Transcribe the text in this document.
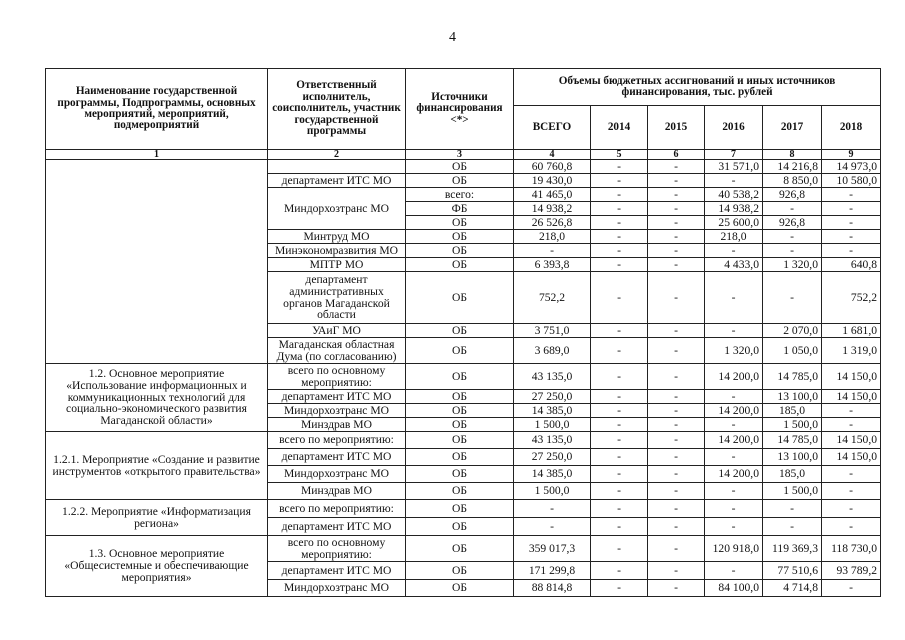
4
Наименование государственной программы, Подпрограммы, основных мероприятий, мероприятий, подмероприятий	Ответственный исполнитель, соисполнитель, участник государственной программы	Источники финансирования <*>	Объемы бюджетных ассигнований и иных источников финансирования, тыс. рублей					
			ВСЕГО	2014	2015	2016	2017	2018
1	2	3	4	5	6	7	8	9
		ОБ	60 760,8	-	-	31 571,0	14 216,8	14 973,0
	департамент ИТС МО	ОБ	19 430,0	-	-	-	8 850,0	10 580,0
	Миндорхозтранс МО	всего:	41 465,0	-	-	40 538,2	926,8	-
		ФБ	14 938,2	-	-	14 938,2	-	-
		ОБ	26 526,8	-	-	25 600,0	926,8	-
	Минтруд МО	ОБ	218,0	-	-	218,0	-	-
	Минэкономразвития МО	ОБ	-	-	-	-	-	-
	МПТР МО	ОБ	6 393,8	-	-	4 433,0	1 320,0	640,8
	департамент административных органов Магаданской области	ОБ	752,2	-	-	-	-	752,2
	УАиГ МО	ОБ	3 751,0	-	-	-	2 070,0	1 681,0
	Магаданская областная Дума (по согласованию)	ОБ	3 689,0	-	-	1 320,0	1 050,0	1 319,0
1.2. Основное мероприятие «Использование информационных и коммуникационных технологий для социально-экономического развития Магаданской области»	всего по основному мероприятию:	ОБ	43 135,0	-	-	14 200,0	14 785,0	14 150,0
	департамент ИТС МО	ОБ	27 250,0	-	-	-	13 100,0	14 150,0
	Миндорхозтранс МО	ОБ	14 385,0	-	-	14 200,0	185,0	-
	Минздрав МО	ОБ	1 500,0	-	-	-	1 500,0	-
1.2.1. Мероприятие «Создание и развитие инструментов «открытого правительства»	всего по мероприятию:	ОБ	43 135,0	-	-	14 200,0	14 785,0	14 150,0
	департамент ИТС МО	ОБ	27 250,0	-	-	-	13 100,0	14 150,0
	Миндорхозтранс МО	ОБ	14 385,0	-	-	14 200,0	185,0	-
	Минздрав МО	ОБ	1 500,0	-	-	-	1 500,0	-
1.2.2. Мероприятие «Информатизация региона»	всего по мероприятию:	ОБ	-	-	-	-	-	-
	департамент ИТС МО	ОБ	-	-	-	-	-	-
1.3. Основное мероприятие «Общесистемные и обеспечивающие мероприятия»	всего по основному мероприятию:	ОБ	359 017,3	-	-	120 918,0	119 369,3	118 730,0
	департамент ИТС МО	ОБ	171 299,8	-	-	-	77 510,6	93 789,2
	Миндорхозтранс МО	ОБ	88 814,8	-	-	84 100,0	4 714,8	-
